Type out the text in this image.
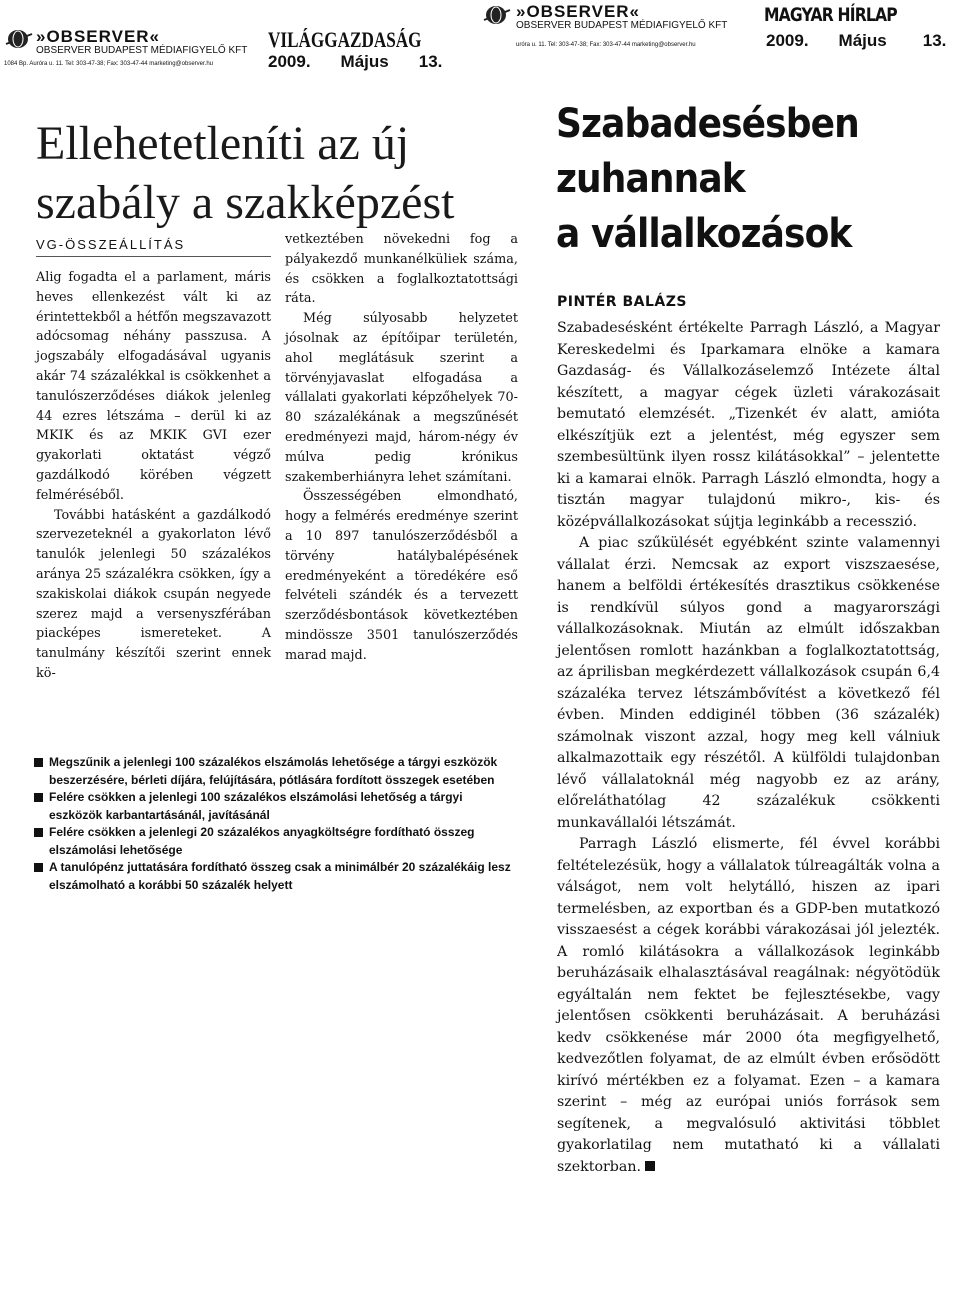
»OBSERVER«
OBSERVER BUDAPEST MÉDIAFIGYELŐ KFT
1084 Bp. Auróra u. 11. Tel: 303-47-38; Fax: 303-47-44 marketing@observer.hu
VILÁGGAZDASÁG
2009. Május 13.
»OBSERVER«
OBSERVER BUDAPEST MÉDIAFIGYELŐ KFT
uróra u. 11. Tel: 303-47-38; Fax: 303-47-44 marketing@observer.hu
MAGYAR HÍRLAP
2009. Május 13.
Ellehetetleníti az új szabály a szakképzést
VG-ÖSSZEÁLLÍTÁS

Alig fogadta el a parlament, máris heves ellenkezést vált ki az érintettekből a hétfőn megszavazott adócsomag néhány passzusa. A jogszabály elfogadásával ugyanis akár 74 százalékkal is csökkenhet a tanulószerződéses diákok jelenleg 44 ezres létszáma – derül ki az MKIK és az MKIK GVI ezer gyakorlati oktatást végző gazdálkodó körében végzett felméréséből.

További hatásként a gazdálkodó szervezeteknél a gyakorlaton lévő tanulók jelenlegi 50 százalékos aránya 25 százalékra csökken, így a szakiskolai diákok csupán negyede szerez majd a versenyszférában piacképes ismereteket. A tanulmány készítői szerint ennek kö-

vetkeztében növekedni fog a pályakezdő munkanélküliek száma, és csökken a foglalkoztatottsági ráta.

Még súlyosabb helyzetet jósolnak az építőipar területén, ahol meglátásuk szerint a törvényjavaslat elfogadása a vállalati gyakorlati képzőhelyek 70-80 százalékának a megszűnését eredményezi majd, három-négy év múlva pedig krónikus szakemberhiányra lehet számítani.

Összességében elmondható, hogy a felmérés eredménye szerint a 10 897 tanulószerződésből a törvény hatálybalépésének eredményeként a töredékére eső felvételi szándék és a tervezett szerződésbontások következtében mindössze 3501 tanulószerződés marad majd.

Megszűnik a jelenlegi 100 százalékos elszámolás lehetősége a tárgyi eszközök beszerzésére, bérleti díjára, felújítására, pótlására fordított összegek esetében
Felére csökken a jelenlegi 100 százalékos elszámolási lehetőség a tárgyi eszközök karbantartásánál, javításánál
Felére csökken a jelenlegi 20 százalékos anyagköltségre fordítható összeg elszámolási lehetősége
A tanulópénz juttatására fordítható összeg csak a minimálbér 20 százalékáig lesz elszámolható a korábbi 50 százalék helyett
Szabadesésben
zuhannak
a vállalkozások
PINTÉR BALÁZS

Szabadesésként értékelte Parragh László, a Magyar Kereskedelmi és Iparkamara elnöke a kamara Gazdaság- és Vállalkozáselemző Intézete által készített, a magyar cégek üzleti várakozásait bemutató elemzését. „Tizenkét év alatt, amióta elkészítjük ezt a jelentést, még egyszer sem szembesültünk ilyen rossz kilátásokkal” – jelentette ki a kamarai elnök. Parragh László elmondta, hogy a tisztán magyar tulajdonú mikro-, kis- és középvállalkozásokat sújtja leginkább a recesszió.

A piac szűkülését egyébként szinte valamennyi vállalat érzi. Nemcsak az export viszszaesése, hanem a belföldi értékesítés drasztikus csökkenése is rendkívül súlyos gond a magyarországi vállalkozásoknak. Miután az elmúlt időszakban jelentősen romlott hazánkban a foglalkoztatottság, az áprilisban megkérdezett vállalkozások csupán 6,4 százaléka tervez létszámbővítést a következő fél évben. Minden eddiginél többen (36 százalék) számolnak viszont azzal, hogy meg kell válniuk alkalmazottaik egy részétől. A külföldi tulajdonban lévő vállalatoknál még nagyobb ez az arány, előreláthatólag 42 százalékuk csökkenti munkavállalói létszámát.

Parragh László elismerte, fél évvel korábbi feltételezésük, hogy a vállalatok túlreagálták volna a válságot, nem volt helytálló, hiszen az ipari termelésben, az exportban és a GDP-ben mutatkozó visszaesést a cégek korábbi várakozásai jól jelezték. A romló kilátásokra a vállalkozások leginkább beruházásaik elhalasztásával reagálnak: négyötödük egyáltalán nem fektet be fejlesztésekbe, vagy jelentősen csökkenti beruházásait. A beruházási kedv csökkenése már 2000 óta megfigyelhető, kedvezőtlen folyamat, de az elmúlt évben erősödött kirívó mértékben ez a folyamat. Ezen – a kamara szerint – még az európai uniós források sem segítenek, a megvalósuló aktivitási többlet gyakorlatilag nem mutatható ki a vállalati szektorban.
